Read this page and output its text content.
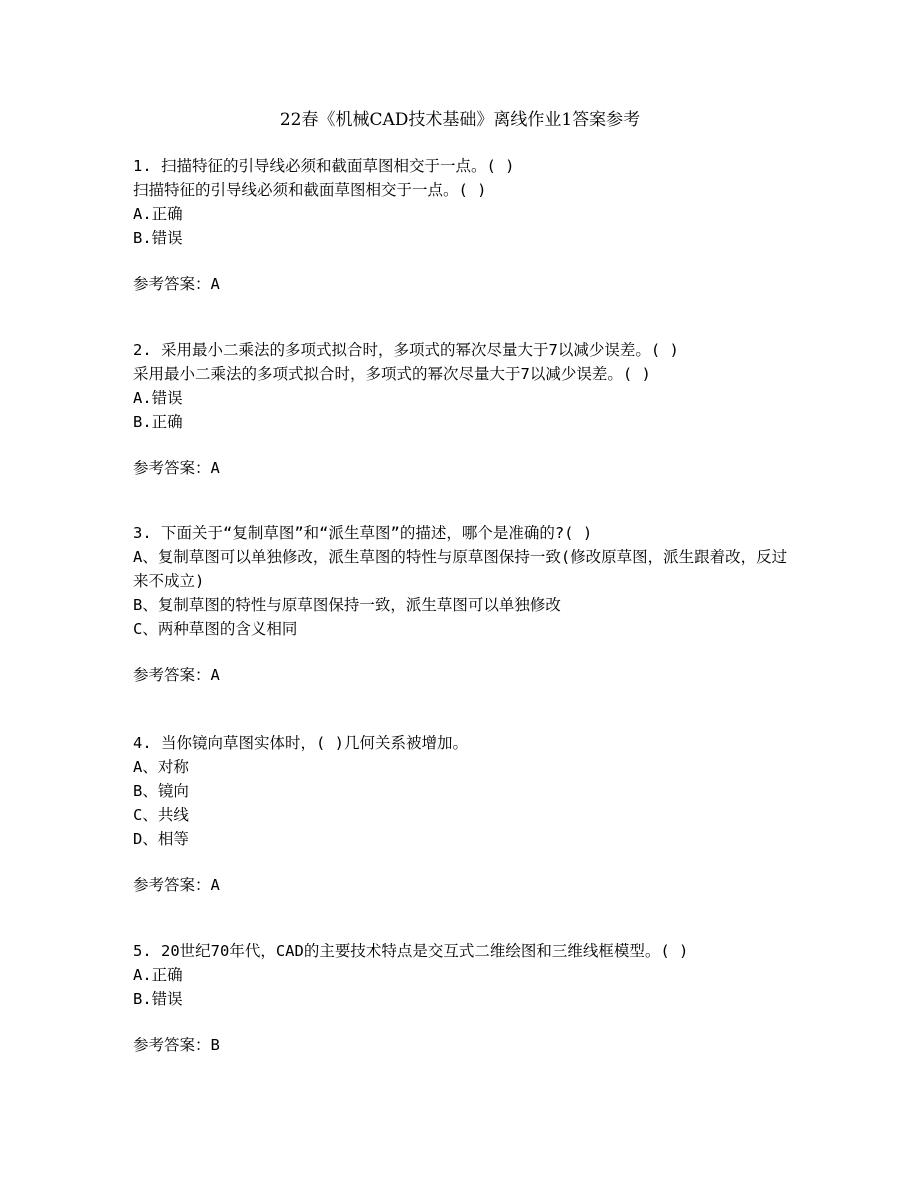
22春《机械CAD技术基础》离线作业1答案参考
1. 扫描特征的引导线必须和截面草图相交于一点。( )
扫描特征的引导线必须和截面草图相交于一点。( )
A.正确
B.错误
参考答案：A
2. 采用最小二乘法的多项式拟合时，多项式的幂次尽量大于7以减少误差。( )
采用最小二乘法的多项式拟合时，多项式的幂次尽量大于7以减少误差。( )
A.错误
B.正确
参考答案：A
3. 下面关于“复制草图”和“派生草图”的描述，哪个是准确的?( )
A、复制草图可以单独修改，派生草图的特性与原草图保持一致(修改原草图，派生跟着改，反过来不成立)
B、复制草图的特性与原草图保持一致，派生草图可以单独修改
C、两种草图的含义相同
参考答案：A
4. 当你镜向草图实体时，( )几何关系被增加。
A、对称
B、镜向
C、共线
D、相等
参考答案：A
5. 20世纪70年代，CAD的主要技术特点是交互式二维绘图和三维线框模型。( )
A.正确
B.错误
参考答案：B
